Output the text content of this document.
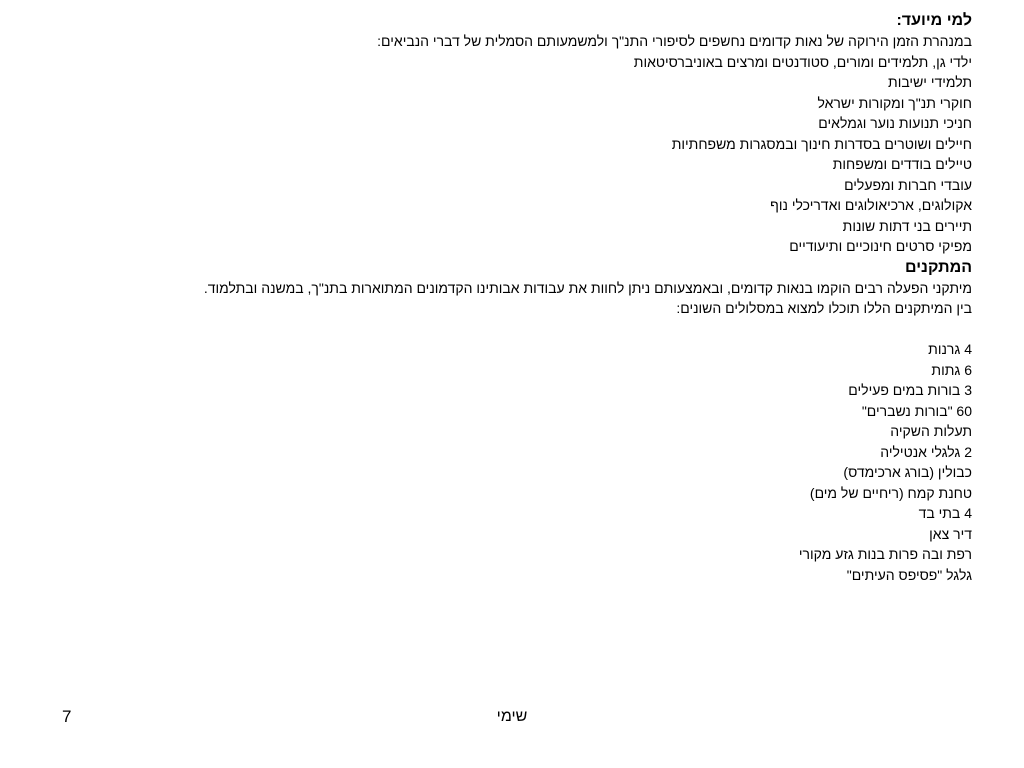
למי מיועד:
במנהרת הזמן הירוקה של נאות קדומים נחשפים לסיפורי התנ"ך ולמשמעותם הסמלית של דברי הנביאים:
ילדי גן, תלמידים ומורים, סטודנטים ומרצים באוניברסיטאות
תלמידי ישיבות
חוקרי תנ"ך ומקורות ישראל
חניכי תנועות נוער וגמלאים
חיילים ושוטרים בסדרות חינוך ובמסגרות משפחתיות
טיילים בודדים ומשפחות
עובדי חברות ומפעלים
אקולוגים, ארכיאולוגים ואדריכלי נוף
תיירים בני דתות שונות
מפיקי סרטים חינוכיים ותיעודיים
המתקנים
מיתקני הפעלה רבים הוקמו בנאות קדומים, ובאמצעותם ניתן לחוות את עבודות אבותינו הקדמונים המתוארות בתנ"ך, במשנה ובתלמוד.
בין המיתקנים הללו תוכלו למצוא במסלולים השונים:
4 גרנות
6 גתות
3 בורות במים פעילים
60 "בורות נשברים"
תעלות השקיה
2 גלגלי אנטיליה
כבולין (בורג ארכימדס)
טחנת קמח (ריחיים של מים)
4 בתי בד
דיר צאן
רפת ובה פרות בנות גזע מקורי
גלגל "פסיפס העיתים"
שימי
7
